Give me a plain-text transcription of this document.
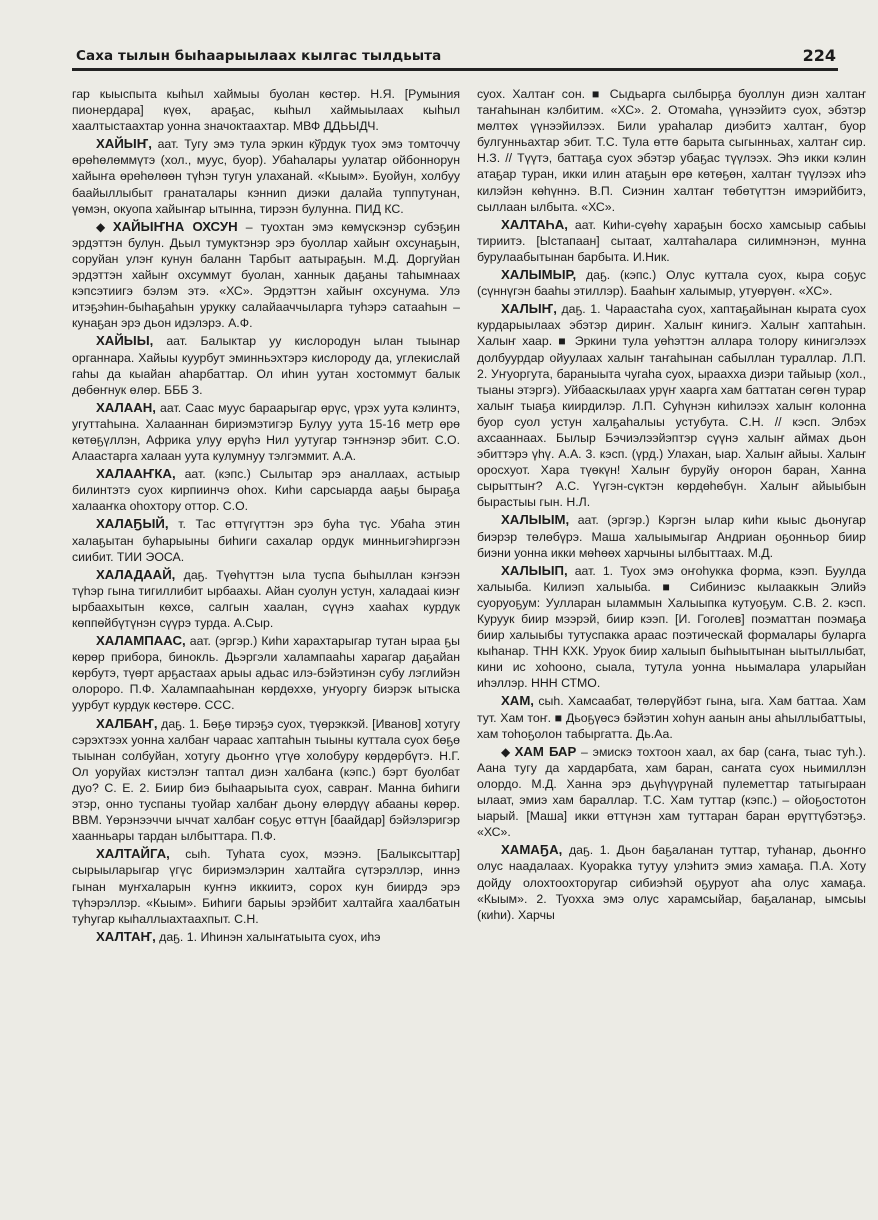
Саха тылын быhаарыылаах кылгас тылдьыта	224

гар кыыспыта кыhыл хаймыы буолан көстөр. Н.Я. [Румыния пионердара] күөх, араҕас, кыhыл хаймыылаах кыhыл хаалтыстаахтар уонна значоктаахтар. МВФ ДДЬЫДЧ.

ХАЙЫҤ, аат. Тугу эмэ тула эркин кў̇рдук туох эмэ томточчу өрөһөлөммүтэ (хол., муус, буор). Убаһалары уулатар ойбоннорун хайыҥа өрөһөлөөн түһэн тугун улаханай. «Кыым». Буойун, холбуу баайыллыбыт гранаталары кэнниn диэки далайа туппутунан, үөмэн, окуопа хайыҥар ытынна, тирээн булунна. ПИД КС.

◆ ХАЙЫҤНА ОХСУН – туохтан эмэ көмүскэнэр субэҕин эрдэттэн булун. Дьыл тумуктэнэр эрэ буоллар хайыҥ охсунаҕын, соруйан улэҥ кунун баланн Тарбыт аатыраҕын. М.Д. Доргуйан эрдэттэн хайыҥ охсуммут буолан, ханнык даҕаны таһымнаах кэпсэтиигэ бэлэм этэ. «ХС». Эрдэттэн хайыҥ охсунума. Улэ итэҕэһин-быһаҕаһын урукку салайааччыларга туһэрэ сатааһын – кунаҕан эрэ дьон идэлэрэ. А.Ф.

ХАЙЫЫ, аат. Балыктар уу кислородун ылан тыынар органнара. Хайыы куурбут эминньэхтэрэ кислороду да, углекислай гаһы да кыайан аһарбаттар. Ол иһин уутан хостоммут балык дөбөҥнук өлөр. БББ З.

ХАЛААН, аат. Саас муус бараарыгар өрүс, үрэх уута кэлинтэ, угуттаһына. Халааннан бириэмэтигэр Булуу уута 15-16 метр өрө көтөҕүллэн, Африка улуу өрүһэ Нил уутугар тэҥнэнэр эбит. С.О. Алаастарга халаан уута кулумнуу тэлгэммит. А.А.

ХАЛААҤКА, аат. (кэпс.) Сылытар эрэ аналлаах, астыыр билинтэтэ суох кирпиинчэ оһох. Киһи сарсыарда ааҕы быраҕа халааҥка оһохтору оттор. С.О.

ХАЛАҔЫЙ, т. Тас өттүгүттэн эрэ буһа түс. Убаһа этин халаҕытан буһарыыны биһиги сахалар ордук минньигэһиргээн сиибит. ТИИ ЭОСА.

ХАЛАДААЙ, даҕ. Түөһүттэн ыла туспа быһыллан кэҥээн түһэр гына тигиллибит ырбаахы. Айан суолун устун, халадааi киэҥ ырбаахытын көхсө, салгын хаалан, сүүнэ хааһах курдук көппөйбүтүнэн сүүрэ турда. А.Сыр.

ХАЛАМПААС, аат. (эргэр.) Киһи харахтарыгар тутан ыраа ҕы көрөр прибора, бинокль. Дьэргэли халампааһы харагар даҕайан көрбутэ, түөрт арҕастаах арыы адьас илэ-бэйэтинэн субу лэглийэн олороро. П.Ф. Халампааһынан көрдөхxө, уҥуоргу биэрэк ытыска уурбут курдук көстөрө. ССС.

ХАЛБАҤ, даҕ. 1. Бөҕө тирэҕэ суох, түөрэккэй. [Иванов] хотугу сэрэхтээх уонна халбаҥ чараас хаптаһын тыыны куттала суох бөҕө тыынан солбуйан, хотугу дьоҥҥо үтүө холобуру көрдөрбүтэ. Н.Г. Ол уоруйах кистэлэҥ таптал диэн халбаҥа (кэпс.) бэрт буолбат дуо? С. Е. 2. Биир биэ быһаарыыта суох, савраҥ. Манна биһиги этэр, онно туспаны туойар халбаҥ дьону өлөрдүү абааны көрөр. ВВМ. Үөрэнээччи ыччат халбаҥ соҕус өттүн [баайдар] бэйэлэригэр хаанньары тардан ылбыттара. П.Ф.

ХАЛТАЙГА, сыһ. Туһата суох, мээнэ. [Балыксыттар] сырыыларыгар үгүс бириэмэлэрин халтайга сүтэрэллэр, иннэ гынан муҥхаларын куҥнэ иккиитэ, сорох кун биирдэ эрэ түһэрэллэр. «Кыым». Биһиги барыы эрэйбит халтайга хаалбатын туһугар кыһаллыахтаахпыт. С.Н.

ХАЛТАҤ, даҕ. 1. Иһинэн халыҥатыыта суох, иһэ

суох. Халтаҥ сон. ■ Сыдьарга сылбырҕа буоллун диэн халтаҥ таҥаһынан кэлбитим. «ХС». 2. Отомаһа, үүнээйитэ суох, эбэтэр мөлтөх үүнээйилээх. Били ураһалар диэбитэ халтаҥ, буор булгунньахтар эбит. Т.С. Тула өттө барыта сыгынньах, халтаҥ сир. Н.З. // Түүтэ, баттаҕа суох эбэтэр убаҕас түүлээх. Эһэ икки кэлин атаҕар туран, икки илин атаҕын өрө көтөҕөн, халтаҥ түүлээх иһэ килэйэн көһүннэ. В.П. Сиэнин халтаҥ төбөтүттэн имэрийбитэ, сыллаан ылбыта. «ХС».

ХАЛТАҺА, аат. Киһи-сүөһү хараҕын босхо хамсыыр сабыы тириитэ. [Ыстапаан] сытаат, халтаһалара силимнэнэн, мунна бурулаабытынан барбыта. И.Ник.

ХАЛЫМЫР, даҕ. (кэпс.) Олус куттала суох, кыра соҕус (сүннүгэн бааһы этиллэр). Бааһыҥ халымыр, утуөрүөҥ. «ХС».

ХАЛЫҤ, даҕ. 1. Чараастаһа суох, хаптаҕайынан кырата суох курдарыылаах эбэтэр дириҥ. Халыҥ кинигэ. Халыҥ хаптаһын. Халыҥ хаар. ■ Эркини тула уөһэттэн аллара толору кинигэлээх долбуурдар ойуулаах халыҥ таҥаһынан сабыллан тураллар. Л.П. 2. Уҥуоргута, бараныыта чугаһа суох, ыраахха диэри тайыыр (хол., тыаны этэргэ). Уйбааскылаах урүҥ хаарга хам баттатан сөгөн турар халыҥ тыаҕа киирдилэр. Л.П. Суһүнэн киһилээх халыҥ колонна буор суол устун халҕаһалыы устубута. С.Н. // кэсп. Элбэх ахсааннаах. Былыр Бэчиэлээйэптэр сүүнэ халыҥ аймах дьон эбиттэрэ үһү. А.А. 3. кэсп. (үрд.) Улахан, ыар. Халыҥ айыы. Халыҥ оросхуот. Хара түөкүн! Халыҥ буруйу оҥорон баран, Ханна сырыттыҥ? А.С. Үүгэн-сүктэн көрдөһөбүн. Халыҥ айыыбын бырастыы гын. Н.Л.

ХАЛЫЫМ, аат. (эргэр.) Кэргэн ылар киһи кыыс дьонугар биэрэр төлөбүрэ. Маша халыымыгар Андриан оҕонньор биир биэни уонна икки мөһөөх харчыны ылбыттаах. М.Д.

ХАЛЫЫП, аат. 1. Туох эмэ оҥоһукка форма, кээп. Буулда халыыба. Килиэп халыыба. ■ Сибиниэс кылааккын Элийэ суоруоҕум: Уулларан ыламмын Халыыпка кутуоҕум. С.В. 2. кэсп. Куруук биир мээрэй, биир кээп. [И. Гоголев] поэматтан поэмаҕа биир халыыбы тутуспакка араас поэтическай формалары буларга кыһанар. ТНН КХК. Уруок биир халыып быһыытынан ыытыллыбат, кини ис хоһооно, сыала, тутула уонна ньымалара уларыйан иһэллэр. ННН СТМО.

ХАМ, сыһ. Хамсаабат, төлөрүйбэт гына, ыга. Хам баттаа. Хам тут. Хам тоҥ. ■ Дьоҕүөсэ бэйэтин хоһун аанын аны аһыллыбаттыы, хам тоһоҕолон табыргатта. Дь.Аа.

◆ ХАМ БАР – эмискэ тохтоон хаал, ах бар (саҥа, тыас туһ.). Аана тугу да хардарбата, хам баран, саҥата суох ньимиллэн олордо. М.Д. Ханна эрэ дьүһүүрүнай пулеметтар татыгыраан ылаат, эмиэ хам бараллар. Т.С. Хам туттар (кэпс.) – ойоҕостотон ыарый. [Маша] икки өттүнэн хам туттаран баран өрүттүбэтэҕэ. «ХС».

ХАМАҔА, даҕ. 1. Дьон баҕаланан туттар, туһанар, дьоҥҥо олус наадалаах. Куораkка тутуу улэһитэ эмиэ хамаҕа. П.А. Хоту дойду олохтоохторугар сибиэһэй оҕуруот аһа олус хамаҕа. «Кыым». 2. Туохха эмэ олус харамсыйар, баҕаланар, ымсыы (киһи). Харчы
